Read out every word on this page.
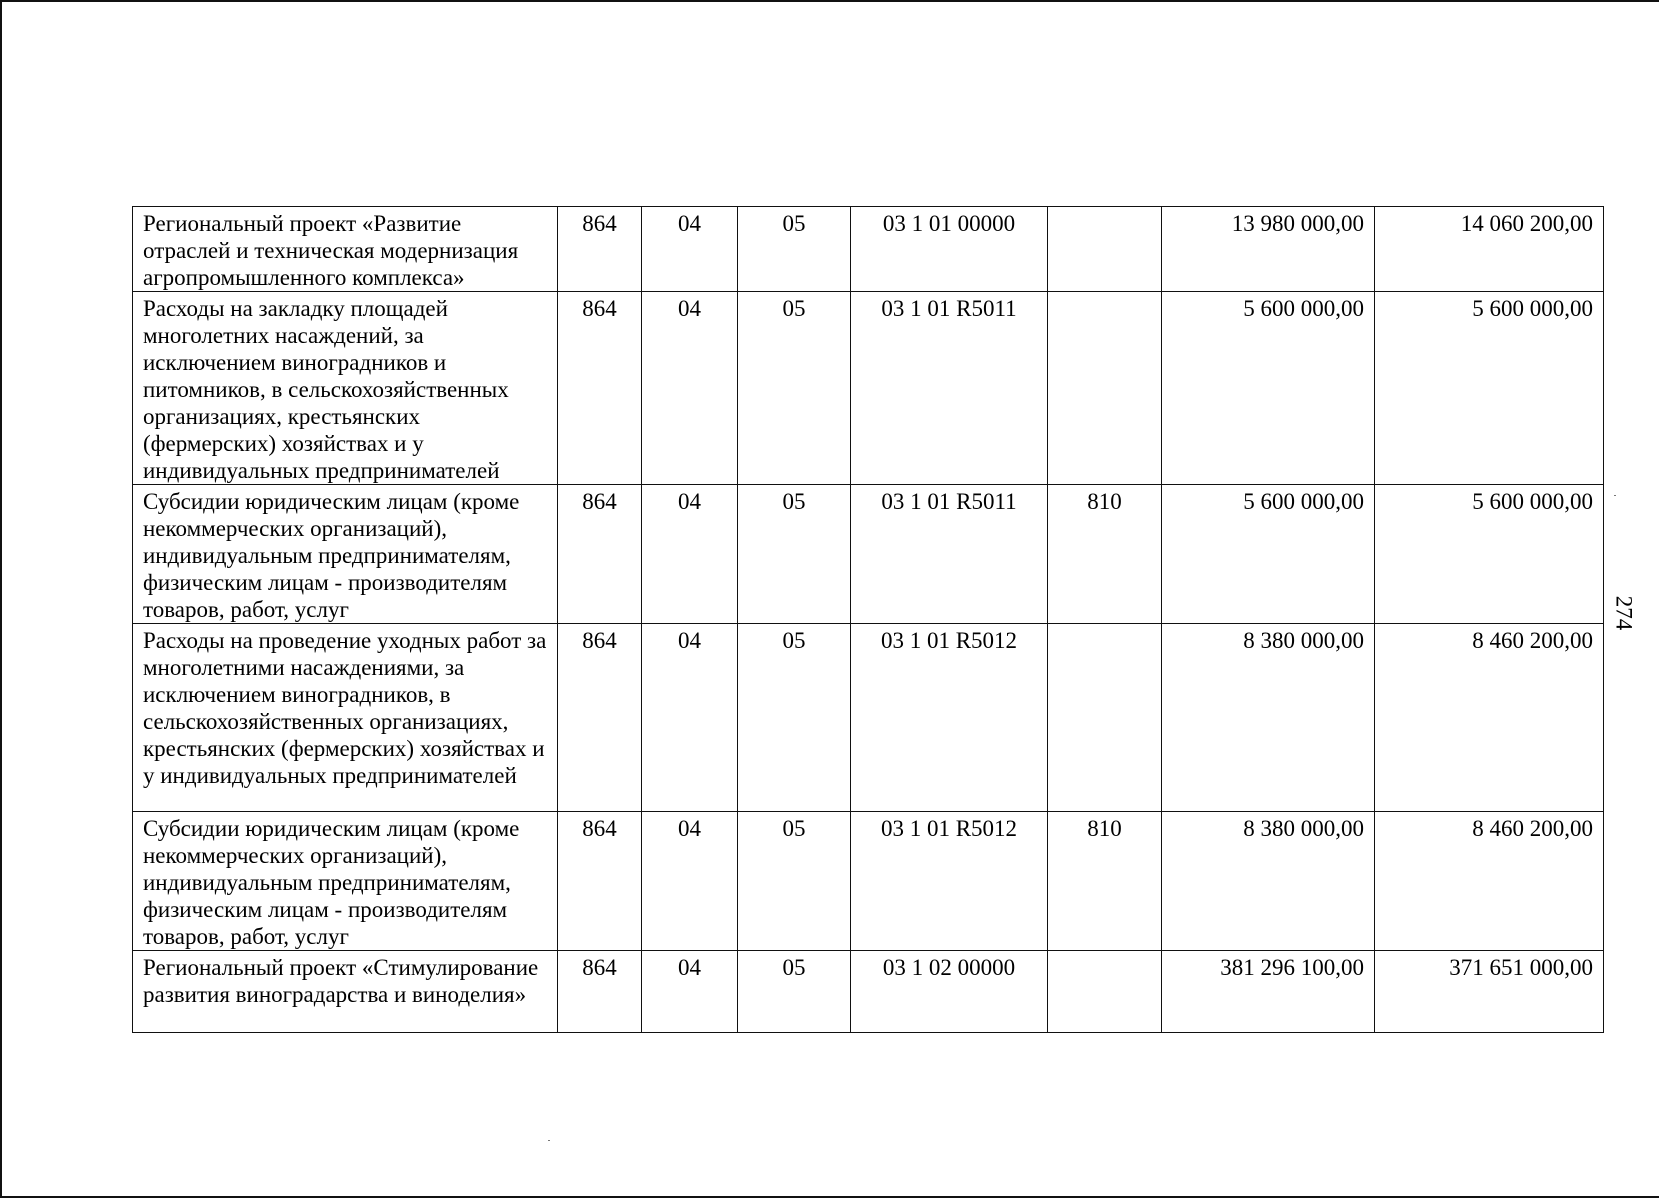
Региональный проект «Развитие отраслей и техническая модернизация агропромышленного комплекса»	864	04	05	03 1 01 00000		13 980 000,00	14 060 200,00
Расходы на закладку площадей многолетних насаждений, за исключением виноградников и питомников, в сельскохозяйственных организациях, крестьянских (фермерских) хозяйствах и у индивидуальных предпринимателей	864	04	05	03 1 01 R5011		5 600 000,00	5 600 000,00
Субсидии юридическим лицам (кроме некоммерческих организаций), индивидуальным предпринимателям, физическим лицам - производителям товаров, работ, услуг	864	04	05	03 1 01 R5011	810	5 600 000,00	5 600 000,00
Расходы на проведение уходных работ за многолетними насаждениями, за исключением виноградников, в сельскохозяйственных организациях, крестьянских (фермерских) хозяйствах и у индивидуальных предпринимателей	864	04	05	03 1 01 R5012		8 380 000,00	8 460 200,00
Субсидии юридическим лицам (кроме некоммерческих организаций), индивидуальным предпринимателям, физическим лицам - производителям товаров, работ, услуг	864	04	05	03 1 01 R5012	810	8 380 000,00	8 460 200,00
Региональный проект «Стимулирование развития виноградарства и виноделия»	864	04	05	03 1 02 00000		381 296 100,00	371 651 000,00
274
